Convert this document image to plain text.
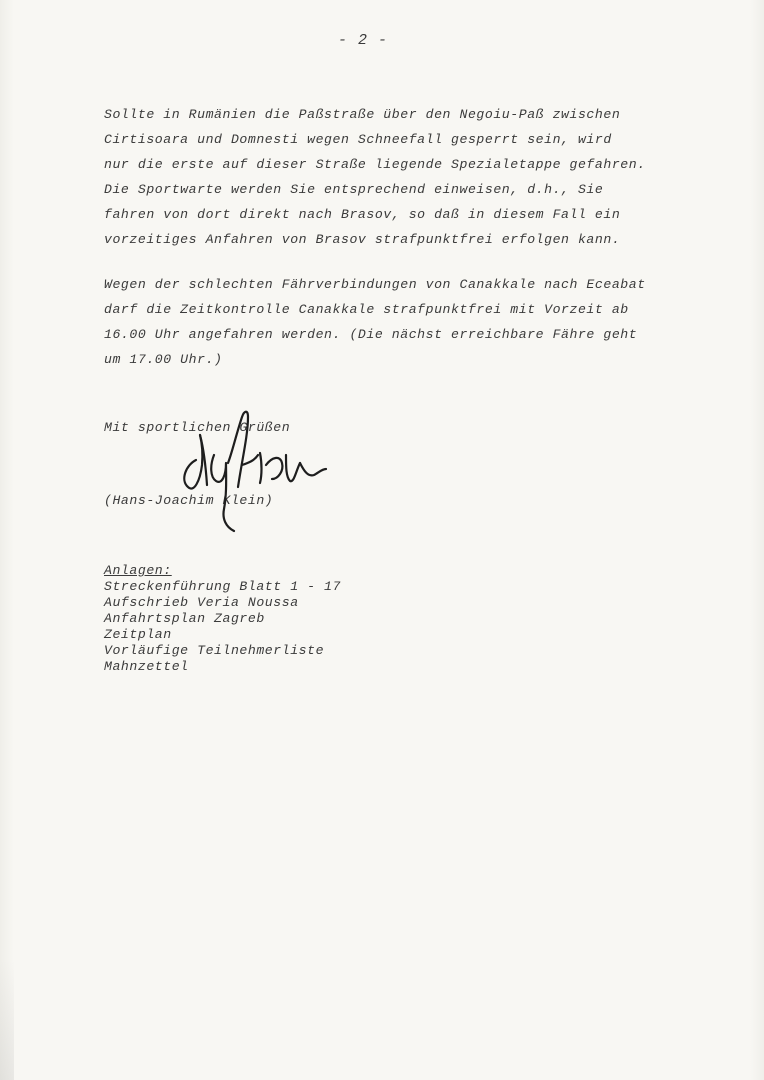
- 2 -
Sollte in Rumänien die Paßstraße über den Negoiu-Paß zwischen
Cirtisoara und Domnesti wegen Schneefall gesperrt sein, wird
nur die erste auf dieser Straße liegende Spezialetappe gefahren.
Die Sportwarte werden Sie entsprechend einweisen, d.h., Sie
fahren von dort direkt nach Brasov, so daß in diesem Fall ein
vorzeitiges Anfahren von Brasov strafpunktfrei erfolgen kann.
Wegen der schlechten Fährverbindungen von Canakkale nach Eceabat
darf die Zeitkontrolle Canakkale strafpunktfrei mit Vorzeit ab
16.00 Uhr angefahren werden. (Die nächst erreichbare Fähre geht
um 17.00 Uhr.)
Mit sportlichen Grüßen
(Hans-Joachim Klein)
Streckenführung Blatt 1 - 17
Aufschrieb Veria Noussa
Anfahrtsplan Zagreb
Zeitplan
Vorläufige Teilnehmerliste
Mahnzettel
Anlagen:
